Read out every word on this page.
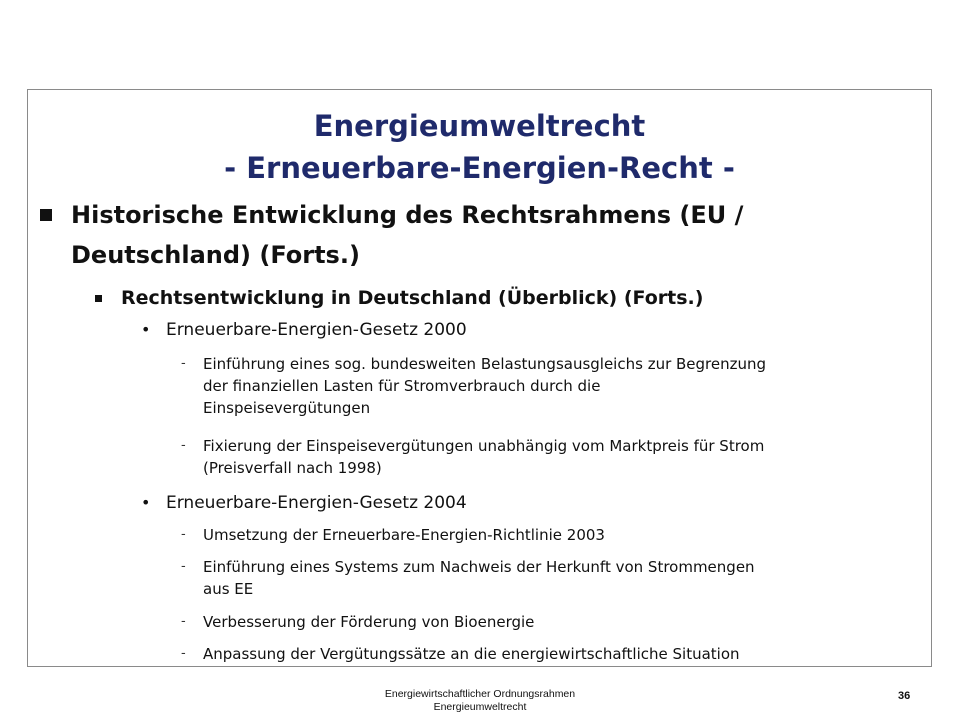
Energieumweltrecht
- Erneuerbare-Energien-Recht -
Historische Entwicklung des Rechtsrahmens (EU /
Deutschland) (Forts.)
Rechtsentwicklung in Deutschland (Überblick) (Forts.)
• Erneuerbare-Energien-Gesetz 2000
- Einführung eines sog. bundesweiten Belastungsausgleichs zur Begrenzung
der finanziellen Lasten für Stromverbrauch durch die
Einspeisevergütungen
- Fixierung der Einspeisevergütungen unabhängig vom Marktpreis für Strom
(Preisverfall nach 1998)
• Erneuerbare-Energien-Gesetz 2004
- Umsetzung der Erneuerbare-Energien-Richtlinie 2003
- Einführung eines Systems zum Nachweis der Herkunft von Strommengen
aus EE
- Verbesserung der Förderung von Bioenergie
- Anpassung der Vergütungssätze an die energiewirtschaftliche Situation
Energiewirtschaftlicher Ordnungsrahmen
Energieumweltrecht
36
